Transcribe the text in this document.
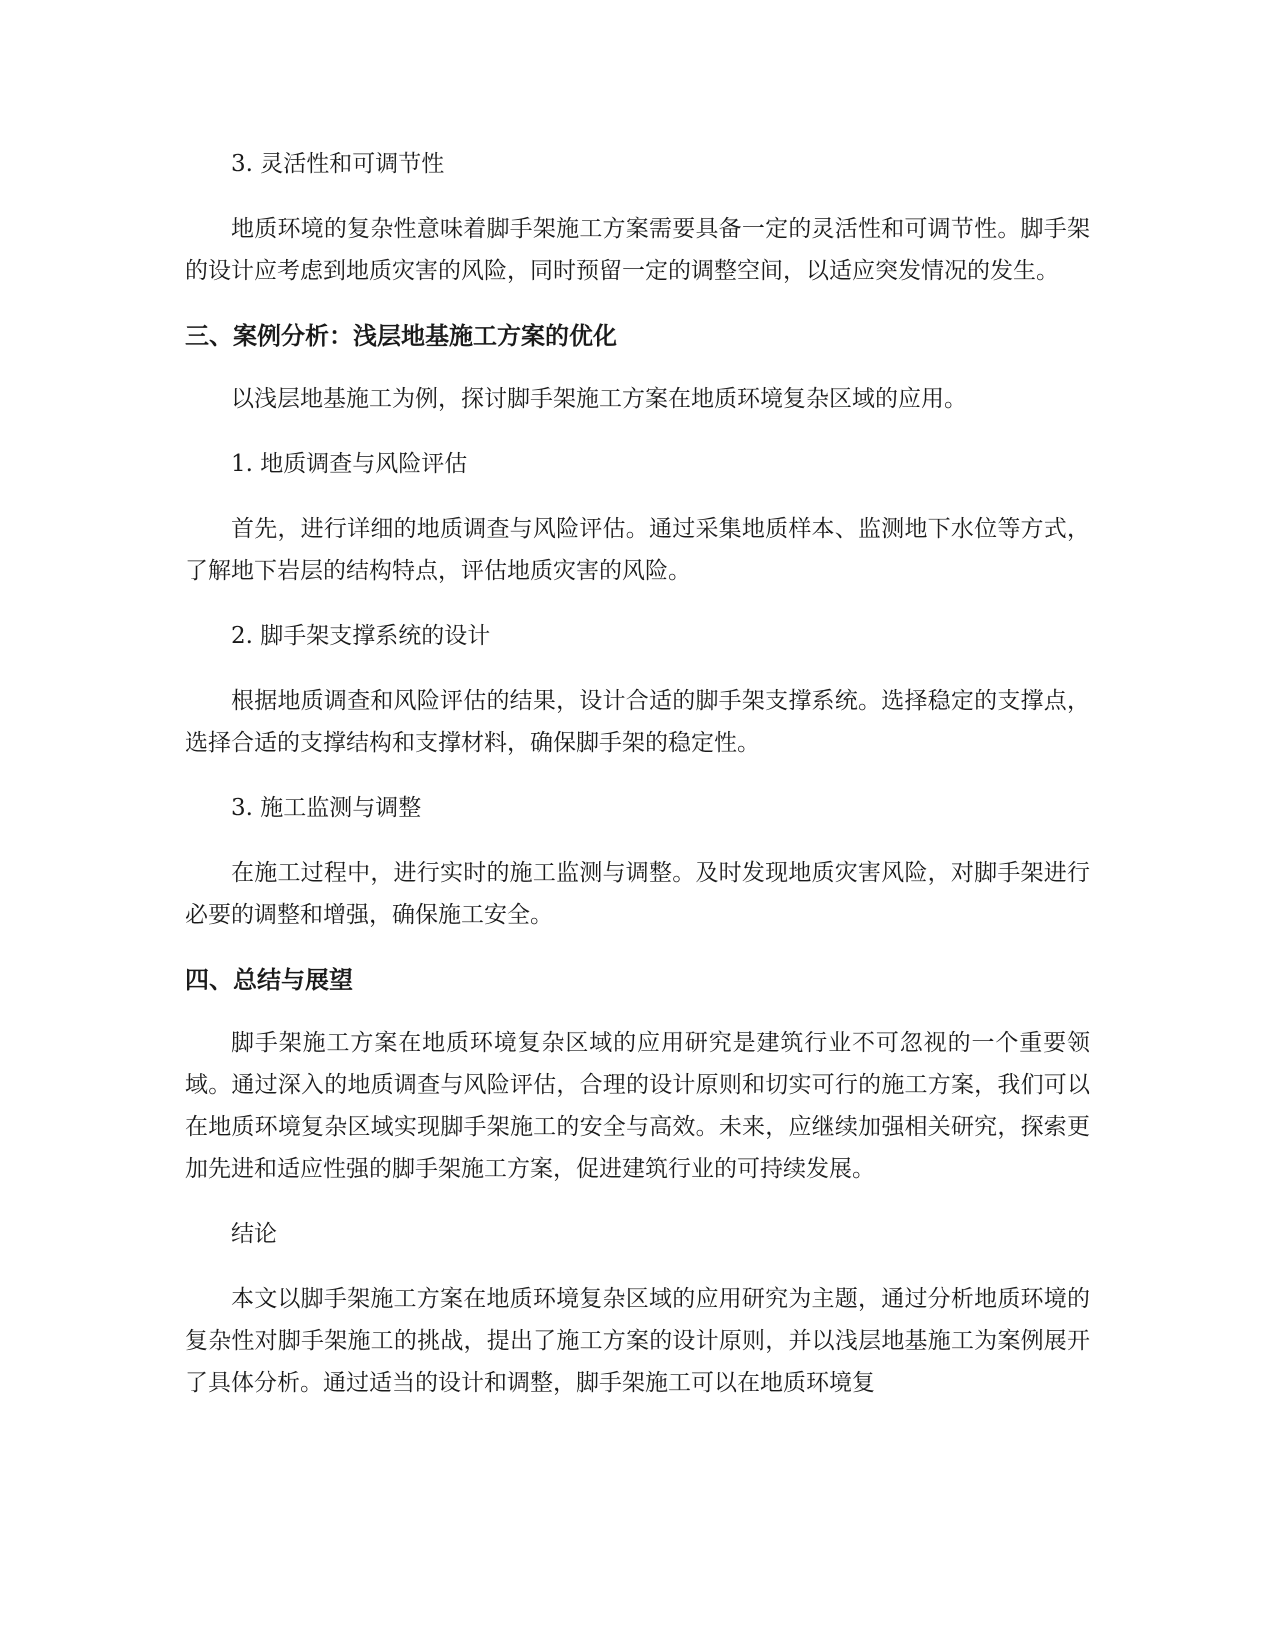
3. 灵活性和可调节性
地质环境的复杂性意味着脚手架施工方案需要具备一定的灵活性和可调节性。脚手架的设计应考虑到地质灾害的风险，同时预留一定的调整空间，以适应突发情况的发生。
三、案例分析：浅层地基施工方案的优化
以浅层地基施工为例，探讨脚手架施工方案在地质环境复杂区域的应用。
1. 地质调查与风险评估
首先，进行详细的地质调查与风险评估。通过采集地质样本、监测地下水位等方式，了解地下岩层的结构特点，评估地质灾害的风险。
2. 脚手架支撑系统的设计
根据地质调查和风险评估的结果，设计合适的脚手架支撑系统。选择稳定的支撑点，选择合适的支撑结构和支撑材料，确保脚手架的稳定性。
3. 施工监测与调整
在施工过程中，进行实时的施工监测与调整。及时发现地质灾害风险，对脚手架进行必要的调整和增强，确保施工安全。
四、总结与展望
脚手架施工方案在地质环境复杂区域的应用研究是建筑行业不可忽视的一个重要领域。通过深入的地质调查与风险评估，合理的设计原则和切实可行的施工方案，我们可以在地质环境复杂区域实现脚手架施工的安全与高效。未来，应继续加强相关研究，探索更加先进和适应性强的脚手架施工方案，促进建筑行业的可持续发展。
结论
本文以脚手架施工方案在地质环境复杂区域的应用研究为主题，通过分析地质环境的复杂性对脚手架施工的挑战，提出了施工方案的设计原则，并以浅层地基施工为案例展开了具体分析。通过适当的设计和调整，脚手架施工可以在地质环境复
